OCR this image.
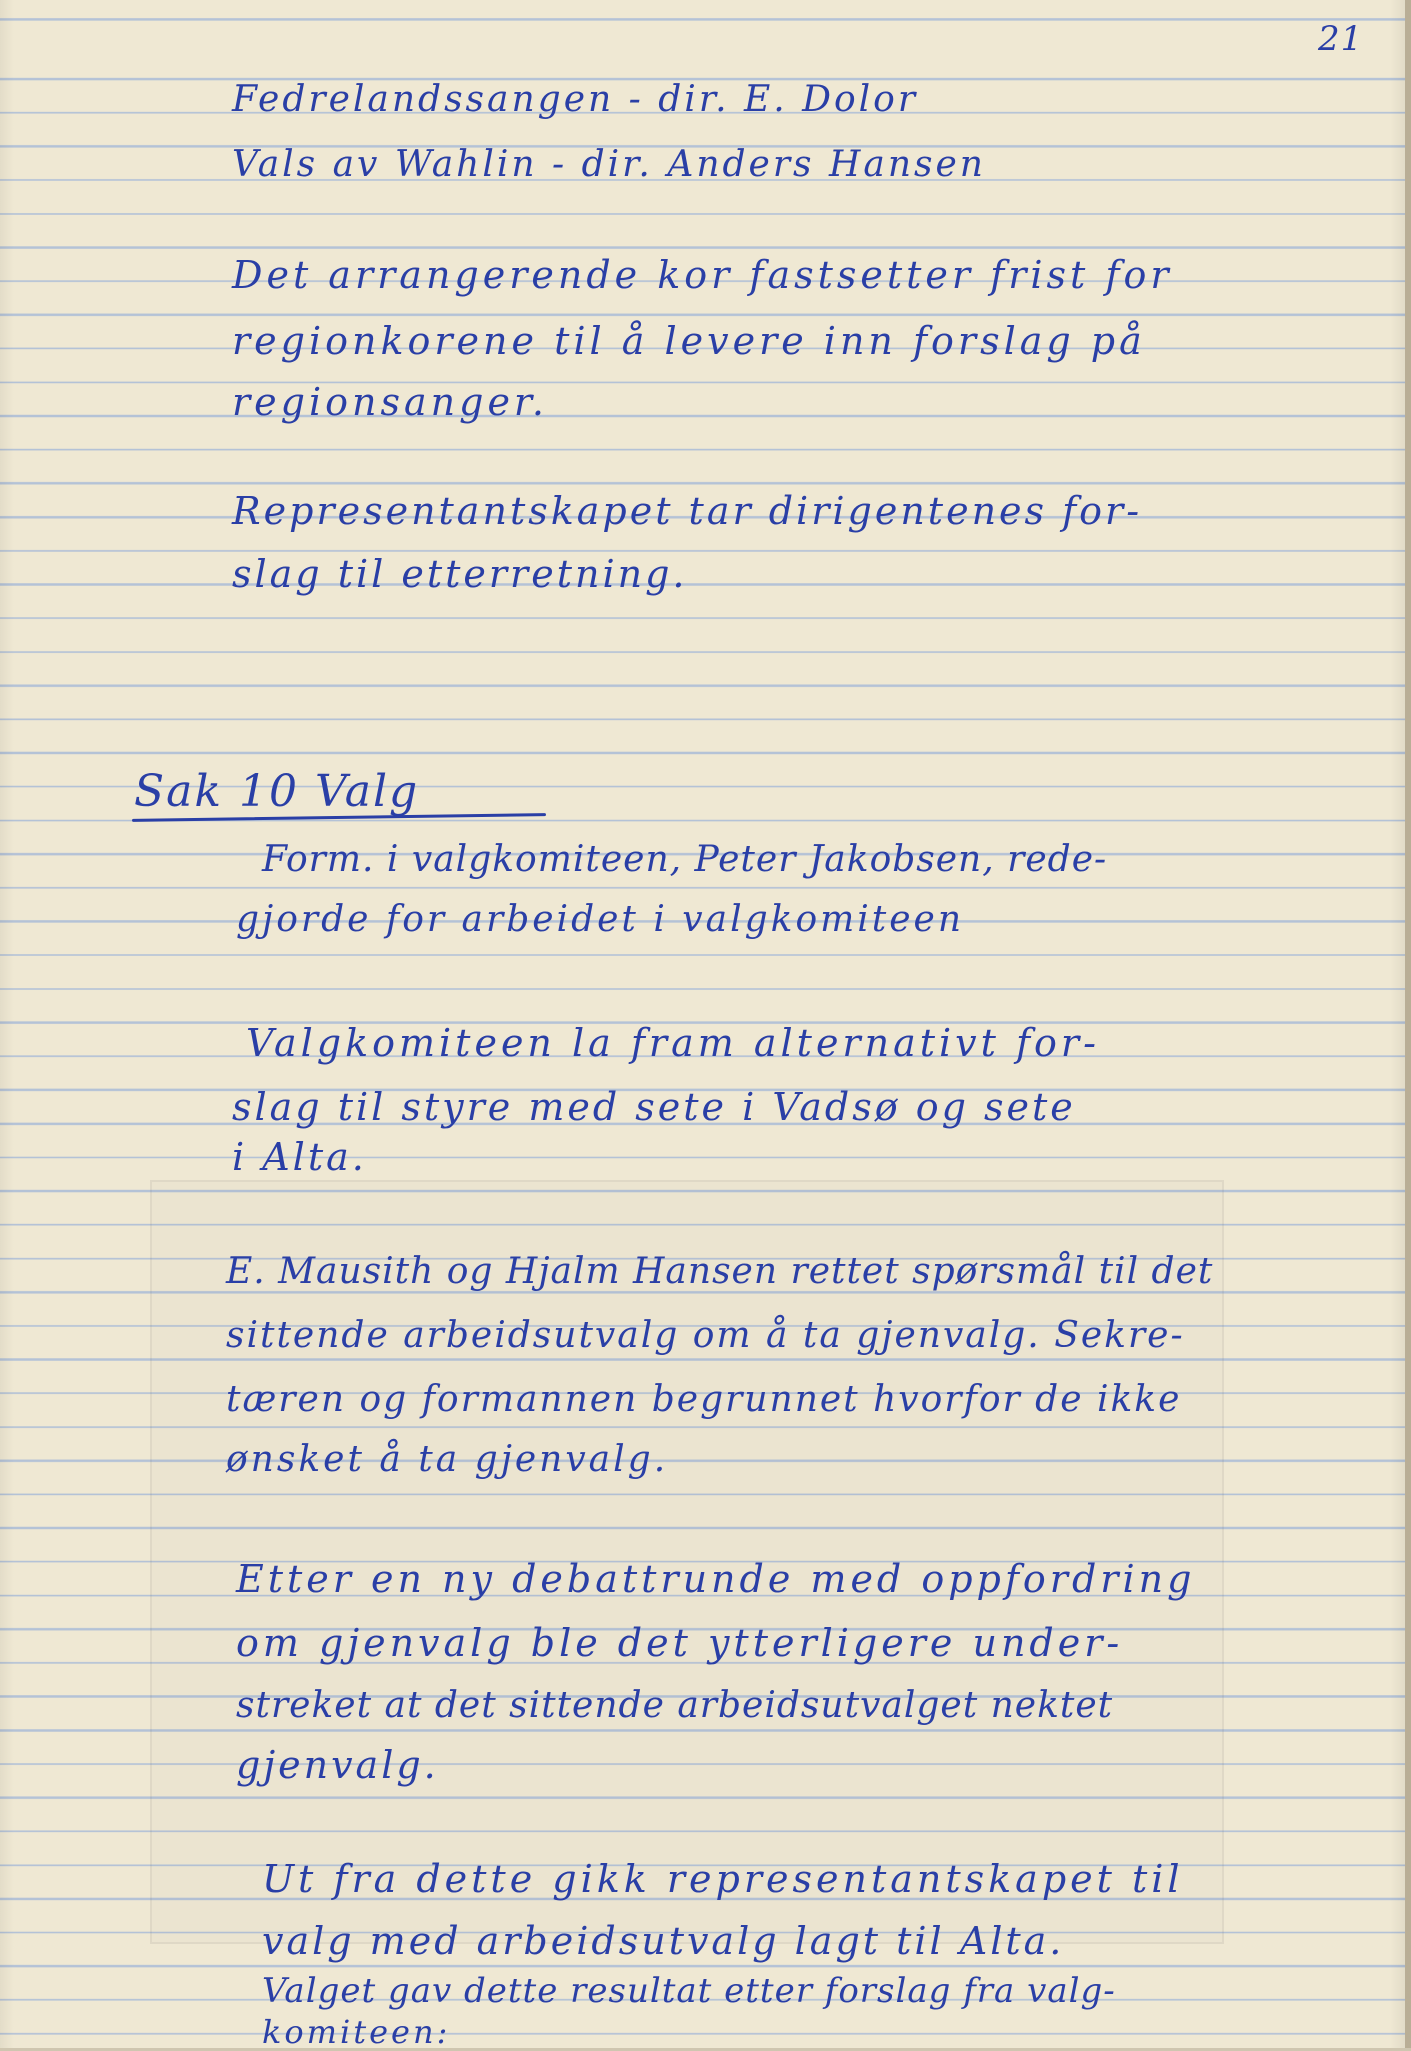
21
Fedrelandssangen - dir. E. Dolor
Vals av Wahlin - dir. Anders Hansen
Det arrangerende kor fastsetter frist for
regionkorene til å levere inn forslag på
regionsanger.
Representantskapet tar dirigentenes for-
slag til etterretning.
Sak 10 Valg
Form. i valgkomiteen, Peter Jakobsen, rede-
gjorde for arbeidet i valgkomiteen
Valgkomiteen la fram alternativt for-
slag til styre med sete i Vadsø og sete
i Alta.
E. Mausith og Hjalm Hansen rettet spørsmål til det
sittende arbeidsutvalg om å ta gjenvalg. Sekre-
tæren og formannen begrunnet hvorfor de ikke
ønsket å ta gjenvalg.
Etter en ny debattrunde med oppfordring
om gjenvalg ble det ytterligere under-
streket at det sittende arbeidsutvalget nektet
gjenvalg.
Ut fra dette gikk representantskapet til
valg med arbeidsutvalg lagt til Alta.
Valget gav dette resultat etter forslag fra valg-
komiteen:
